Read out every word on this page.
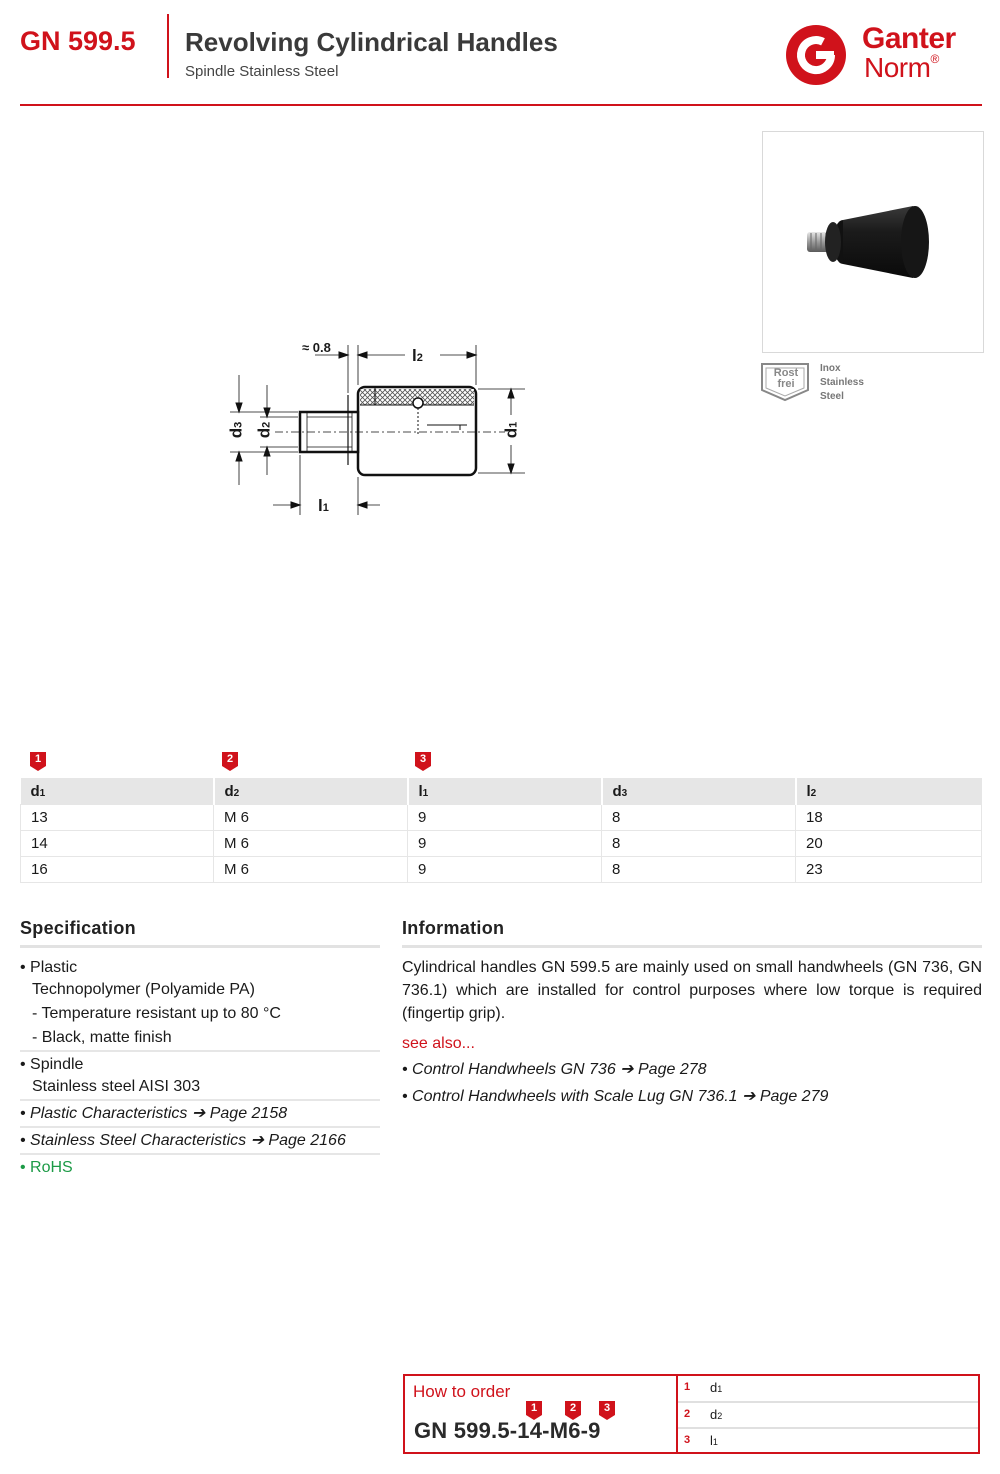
GN 599.5 Revolving Cylindrical Handles
Spindle Stainless Steel
Ganter
Norm®
≈ 0.8	l2
l1
d1
d3
d2
Rost
frei
Inox
Stainless
Steel
1	2	3
d1	d2	l1	d3	l2
13	M 6	9	8	18
14	M 6	9	8	20
16	M 6	9	8	23
Specification
• Plastic
Technopolymer (Polyamide PA)
- Temperature resistant up to 80 °C
- Black, matte finish
• Spindle
Stainless steel AISI 303
• Plastic Characteristics ➔ Page 2158
• Stainless Steel Characteristics ➔ Page 2166
• RoHS
Information
Cylindrical handles GN 599.5 are mainly used on small handwheels (GN 736, GN 736.1) which are installed for control purposes where low torque is required (fingertip grip).
see also...
• Control Handwheels GN 736 ➔ Page 278
• Control Handwheels with Scale Lug GN 736.1 ➔ Page 279
How to order
1	2	3
GN 599.5-14-M6-9
1 d1
2 d2
3 l1
